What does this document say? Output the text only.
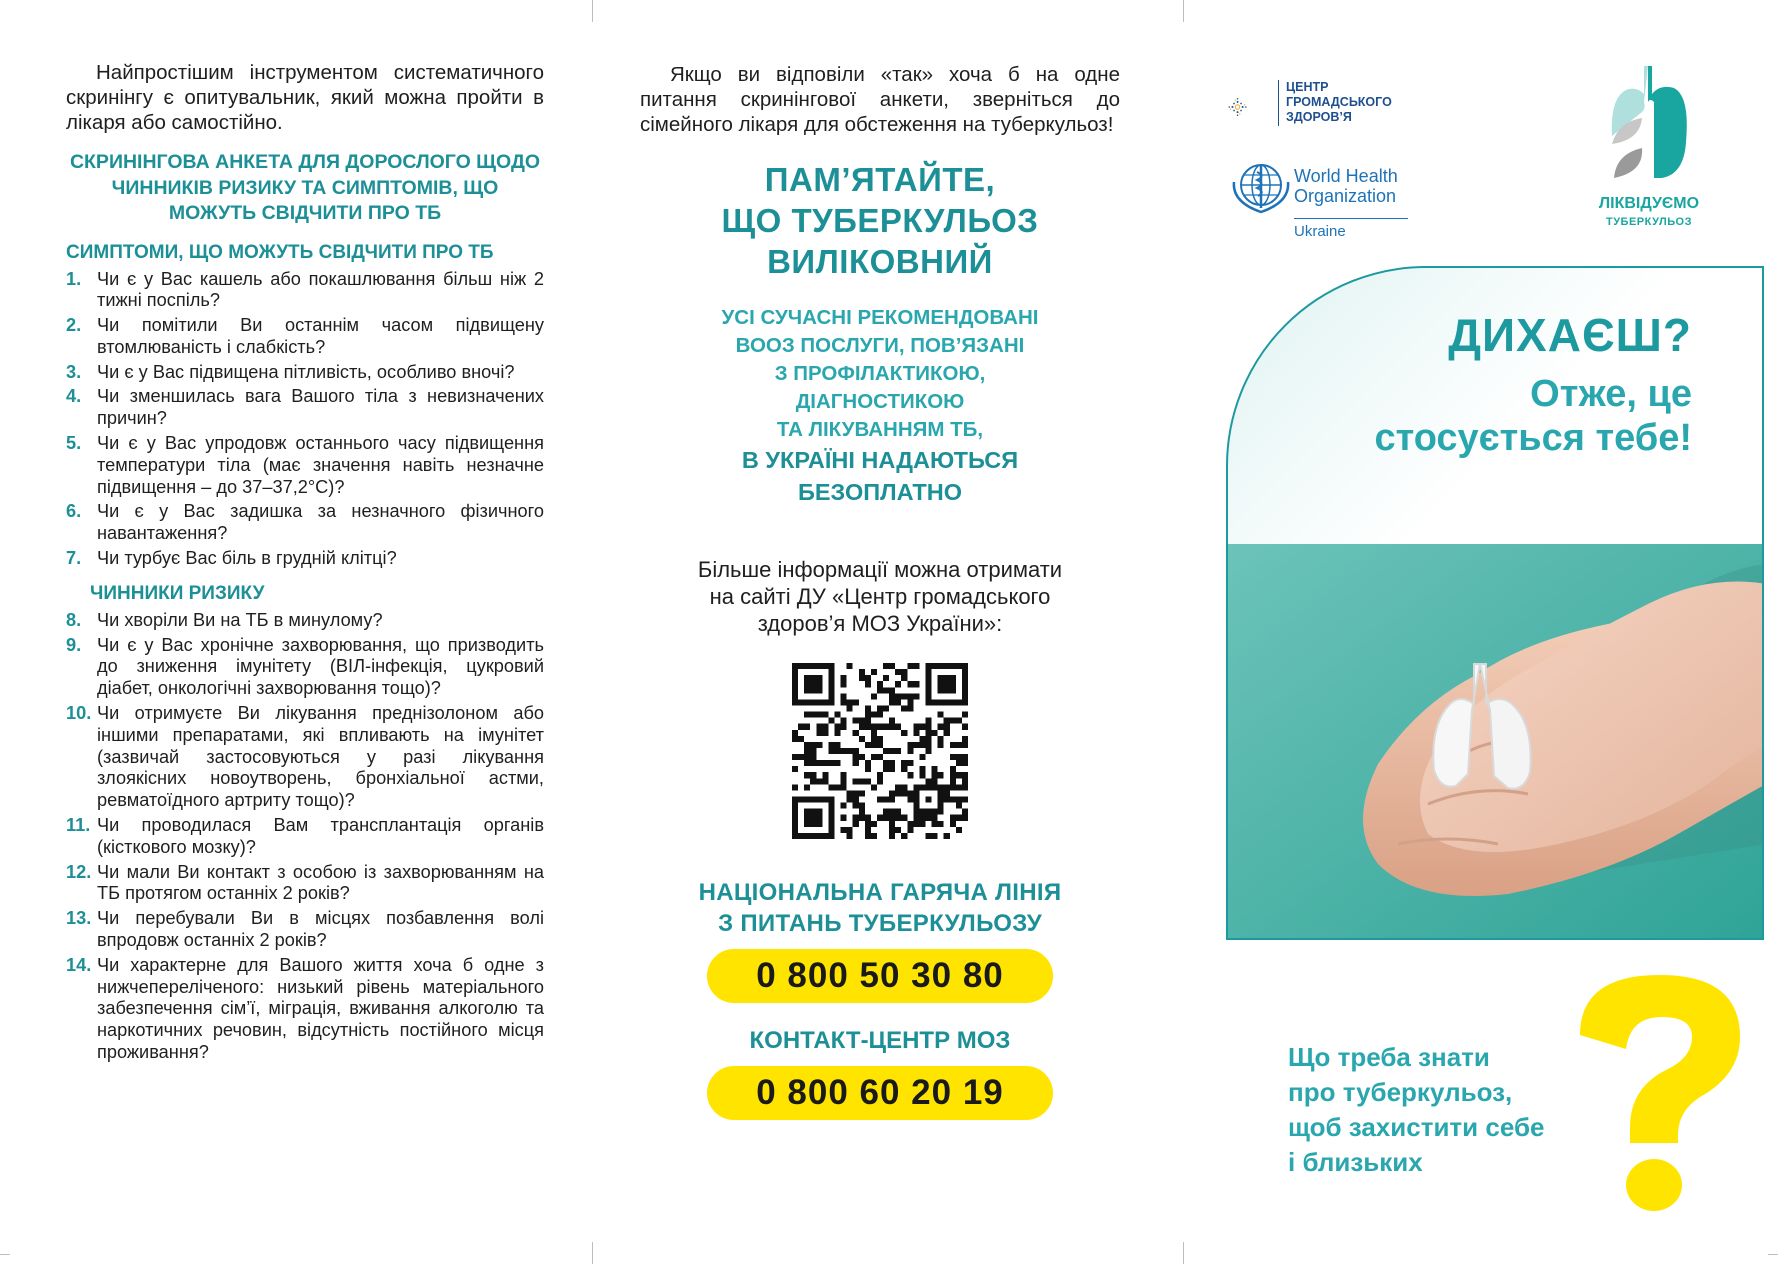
Найпростішим інструментом систематичного скринінгу є опитувальник, який можна пройти в лікаря або самостійно.

СКРИНІНГОВА АНКЕТА ДЛЯ ДОРОСЛОГО ЩОДО ЧИННИКІВ РИЗИКУ ТА СИМПТОМІВ, ЩО МОЖУТЬ СВІДЧИТИ ПРО ТБ
СИМПТОМИ, ЩО МОЖУТЬ СВІДЧИТИ ПРО ТБ
1. Чи є у Вас кашель або покашлювання більш ніж 2 тижні поспіль?
2. Чи помітили Ви останнім часом підвищену втомлюваність і слабкість?
3. Чи є у Вас підвищена пітливість, особливо вночі?
4. Чи зменшилась вага Вашого тіла з невизначених причин?
5. Чи є у Вас упродовж останнього часу підвищення температури тіла (має значення навіть незначне підвищення – до 37–37,2°С)?
6. Чи є у Вас задишка за незначного фізичного навантаження?
7. Чи турбує Вас біль в грудній клітці?
ЧИННИКИ РИЗИКУ
8. Чи хворіли Ви на ТБ в минулому?
9. Чи є у Вас хронічне захворювання, що призводить до зниження імунітету (ВІЛ-інфекція, цукровий діабет, онкологічні захворювання тощо)?
10. Чи отримуєте Ви лікування преднізолоном або іншими препаратами, які впливають на імунітет (зазвичай застосовуються у разі лікування злоякісних новоутворень, бронхіальної астми, ревматоїдного артриту тощо)?
11. Чи проводилася Вам трансплантація органів (кісткового мозку)?
12. Чи мали Ви контакт з особою із захворюванням на ТБ протягом останніх 2 років?
13. Чи перебували Ви в місцях позбавлення волі впродовж останніх 2 років?
14. Чи характерне для Вашого життя хоча б одне з нижчепереліченого: низький рівень матеріального забезпечення сім’ї, міграція, вживання алкоголю та наркотичних речовин, відсутність постійного місця проживання?

Якщо ви відповіли «так» хоча б на одне питання скринінгової анкети, зверніться до сімейного лікаря для обстеження на туберкульоз!

ПАМ’ЯТАЙТЕ,
ЩО ТУБЕРКУЛЬОЗ
ВИЛІКОВНИЙ

УСІ СУЧАСНІ РЕКОМЕНДОВАНІ
ВООЗ ПОСЛУГИ, ПОВ’ЯЗАНІ
З ПРОФІЛАКТИКОЮ,
ДІАГНОСТИКОЮ
ТА ЛІКУВАННЯМ ТБ,

В УКРАЇНІ НАДАЮТЬСЯ
БЕЗОПЛАТНО

Більше інформації можна отримати
на сайті ДУ «Центр громадського
здоров’я МОЗ України»:

НАЦІОНАЛЬНА ГАРЯЧА ЛІНІЯ
З ПИТАНЬ ТУБЕРКУЛЬОЗУ
0 800 50 30 80
КОНТАКТ-ЦЕНТР МОЗ
0 800 60 20 19
ЦЕНТР
ГРОМАДСЬКОГО
ЗДОРОВ’Я
World Health
Organization
Ukraine
ЛІКВІДУЄМО
ТУБЕРКУЛЬОЗ
ДИХАЄШ?
Отже, це
стосується тебе!
Що треба знати
про туберкульоз,
щоб захистити себе
і близьких
